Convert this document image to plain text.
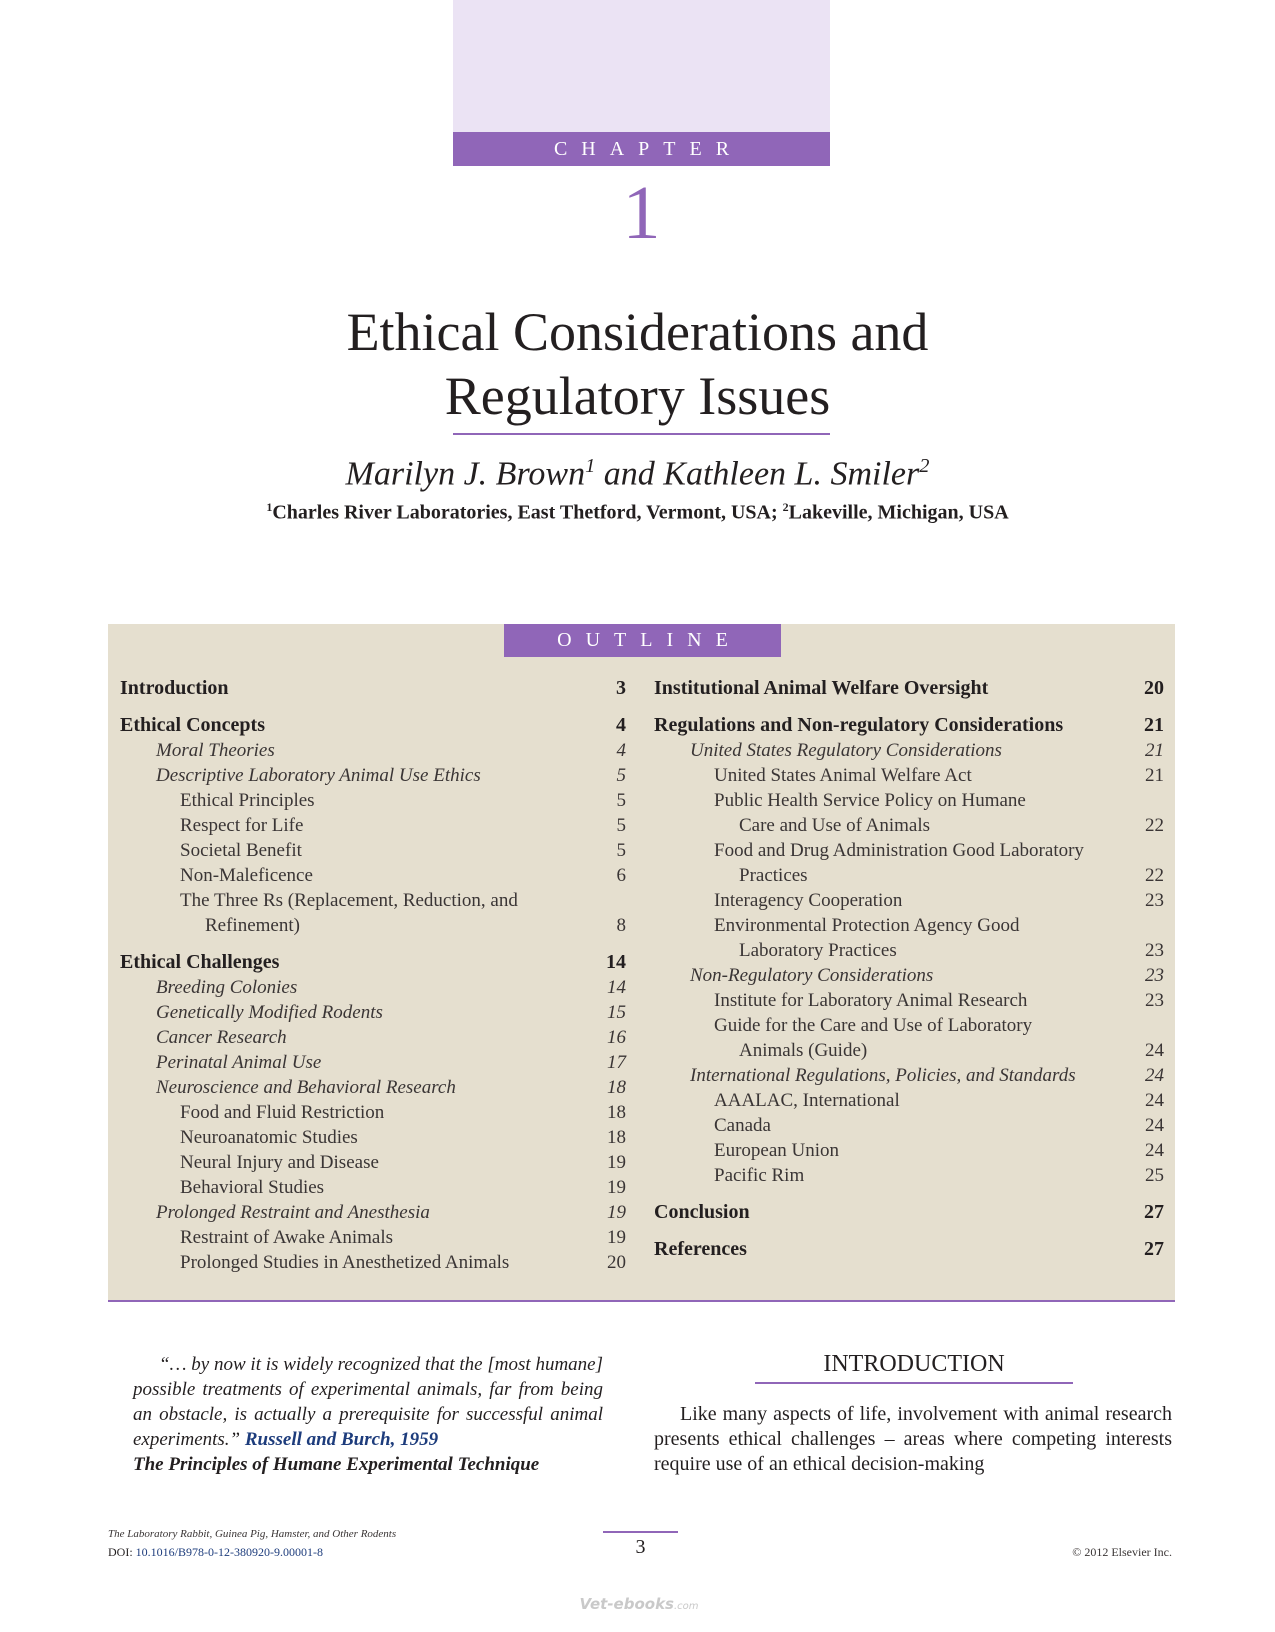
CHAPTER
1
Ethical Considerations and
Regulatory Issues
Marilyn J. Brown$^1$ and Kathleen L. Smiler$^2$
$^1$Charles River Laboratories, East Thetford, Vermont, USA; $^2$Lakeville, Michigan, USA
OUTLINE
Introduction	3
Ethical Concepts	4
Moral Theories	4
Descriptive Laboratory Animal Use Ethics	5
Ethical Principles	5
Respect for Life	5
Societal Benefit	5
Non-Maleficence	6
The Three Rs (Replacement, Reduction, and
Refinement)	8
Ethical Challenges	14
Breeding Colonies	14
Genetically Modified Rodents	15
Cancer Research	16
Perinatal Animal Use	17
Neuroscience and Behavioral Research	18
Food and Fluid Restriction	18
Neuroanatomic Studies	18
Neural Injury and Disease	19
Behavioral Studies	19
Prolonged Restraint and Anesthesia	19
Restraint of Awake Animals	19
Prolonged Studies in Anesthetized Animals	20
Institutional Animal Welfare Oversight	20
Regulations and Non-regulatory Considerations	21
United States Regulatory Considerations	21
United States Animal Welfare Act	21
Public Health Service Policy on Humane
Care and Use of Animals	22
Food and Drug Administration Good Laboratory
Practices	22
Interagency Cooperation	23
Environmental Protection Agency Good
Laboratory Practices	23
Non-Regulatory Considerations	23
Institute for Laboratory Animal Research	23
Guide for the Care and Use of Laboratory
Animals (Guide)	24
International Regulations, Policies, and Standards	24
AAALAC, International	24
Canada	24
European Union	24
Pacific Rim	25
Conclusion	27
References	27
“… by now it is widely recognized that the [most humane] possible treatments of experimental animals, far from being an obstacle, is actually a prerequisite for successful animal experiments.” Russell and Burch, 1959
The Principles of Humane Experimental Technique
INTRODUCTION
Like many aspects of life, involvement with animal research presents ethical challenges – areas where competing interests require use of an ethical decision-making
The Laboratory Rabbit, Guinea Pig, Hamster, and Other Rodents
DOI: 10.1016/B978-0-12-380920-9.00001-8	3	© 2012 Elsevier Inc.
Vet-ebooks.com
